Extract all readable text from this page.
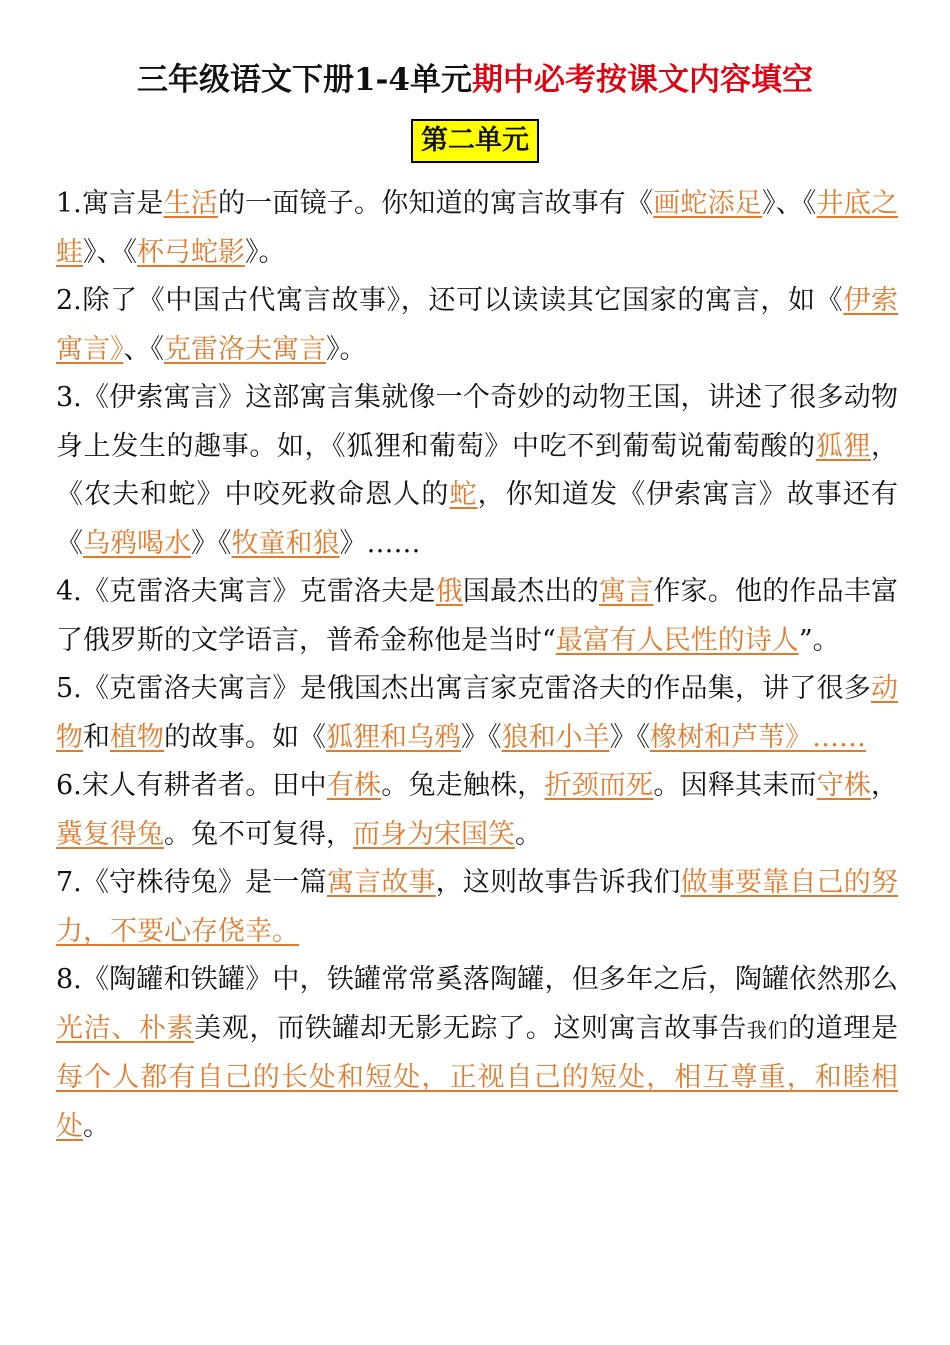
三年级语文下册1-4单元期中必考按课文内容填空
第二单元

1.寓言是生活的一面镜子。你知道的寓言故事有《画蛇添足》、《井底之蛙》、《杯弓蛇影》。

2.除了《中国古代寓言故事》，还可以读读其它国家的寓言，如《伊索寓言》、《克雷洛夫寓言》。

3.《伊索寓言》这部寓言集就像一个奇妙的动物王国，讲述了很多动物身上发生的趣事。如，《狐狸和葡萄》中吃不到葡萄说葡萄酸的狐狸，《农夫和蛇》中咬死救命恩人的蛇，你知道发《伊索寓言》故事还有《乌鸦喝水》《牧童和狼》……

4.《克雷洛夫寓言》克雷洛夫是俄国最杰出的寓言作家。他的作品丰富了俄罗斯的文学语言，普希金称他是当时“最富有人民性的诗人”。

5.《克雷洛夫寓言》是俄国杰出寓言家克雷洛夫的作品集，讲了很多动物和植物的故事。如《狐狸和乌鸦》《狼和小羊》《橡树和芦苇》……

6.宋人有耕者者。田中有株。兔走触株，折颈而死。因释其耒而守株，冀复得兔。兔不可复得，而身为宋国笑。

7.《守株待兔》是一篇寓言故事，这则故事告诉我们做事要靠自己的努力，不要心存侥幸。

8.《陶罐和铁罐》中，铁罐常常奚落陶罐，但多年之后，陶罐依然那么光洁、朴素美观，而铁罐却无影无踪了。这则寓言故事告我们的道理是每个人都有自己的长处和短处，正视自己的短处，相互尊重，和睦相处。
